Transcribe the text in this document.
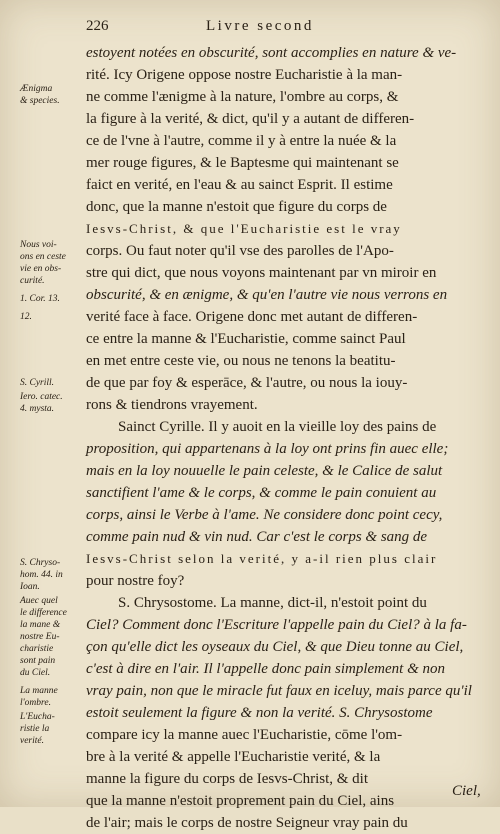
226	Livre second
estoyent notées en obscurité, sont accomplies en nature & ve-
rité. Icy Origene oppose nostre Eucharistie à la man-
ne comme l'ænigme à la nature, l'ombre au corps, &
la figure à la verité, & dict, qu'il y a autant de differen-
ce de l'vne à l'autre, comme il y à entre la nuée & la
mer rouge figures, & le Baptesme qui maintenant se
faict en verité, en l'eau & au sainct Esprit. Il estime
donc, que la manne n'estoit que figure du corps de
Iesvs-Christ, & que l'Eucharistie est le vray
corps. Ou faut noter qu'il vse des parolles de l'Apo-
stre qui dict, que nous voyons maintenant par vn miroir en
obscurité, & en ænigme, & qu'en l'autre vie nous verrons en
verité face à face. Origene donc met autant de differen-
ce entre la manne & l'Eucharistie, comme sainct Paul
en met entre ceste vie, ou nous ne tenons la beatitu-
de que par foy & esperāce, & l'autre, ou nous la iouy-
rons & tiendrons vrayement.
Sainct Cyrille. Il y auoit en la vieille loy des pains de
proposition, qui appartenans à la loy ont prins fin auec elle;
mais en la loy nouuelle le pain celeste, & le Calice de salut
sanctifient l'ame & le corps, & comme le pain conuient au
corps, ainsi le Verbe à l'ame. Ne considere donc point cecy,
comme pain nud & vin nud. Car c'est le corps & sang de
Iesvs-Christ selon la verité, y a-il rien plus clair
pour nostre foy?
S. Chrysostome. La manne, dict-il, n'estoit point du
Ciel? Comment donc l'Escriture l'appelle pain du Ciel? à la fa-
çon qu'elle dict les oyseaux du Ciel, & que Dieu tonne au Ciel,
c'est à dire en l'air. Il l'appelle donc pain simplement & non
vray pain, non que le miracle fut faux en iceluy, mais parce qu'il
estoit seulement la figure & non la verité. S. Chrysostome
compare icy la manne auec l'Eucharistie, cōme l'om-
bre à la verité & appelle l'Eucharistie verité, & la
manne la figure du corps de Iesvs-Christ, & dit
que la manne n'estoit proprement pain du Ciel, ains
de l'air; mais le corps de nostre Seigneur vray pain du
Ænigma
& species.
Nous voi-
ons en ceste
vie en obs-
curité.
1. Cor. 13.
12.
S. Cyrill.
Iero. catec.
4. mysta.
S. Chryso-
hom. 44. in
Ioan.
Auec quel
le difference
la mane &
nostre Eu-
charistie
sont pain
du Ciel.
La manne
l'ombre.
L'Eucha-
ristie la
verité.
Ciel,
